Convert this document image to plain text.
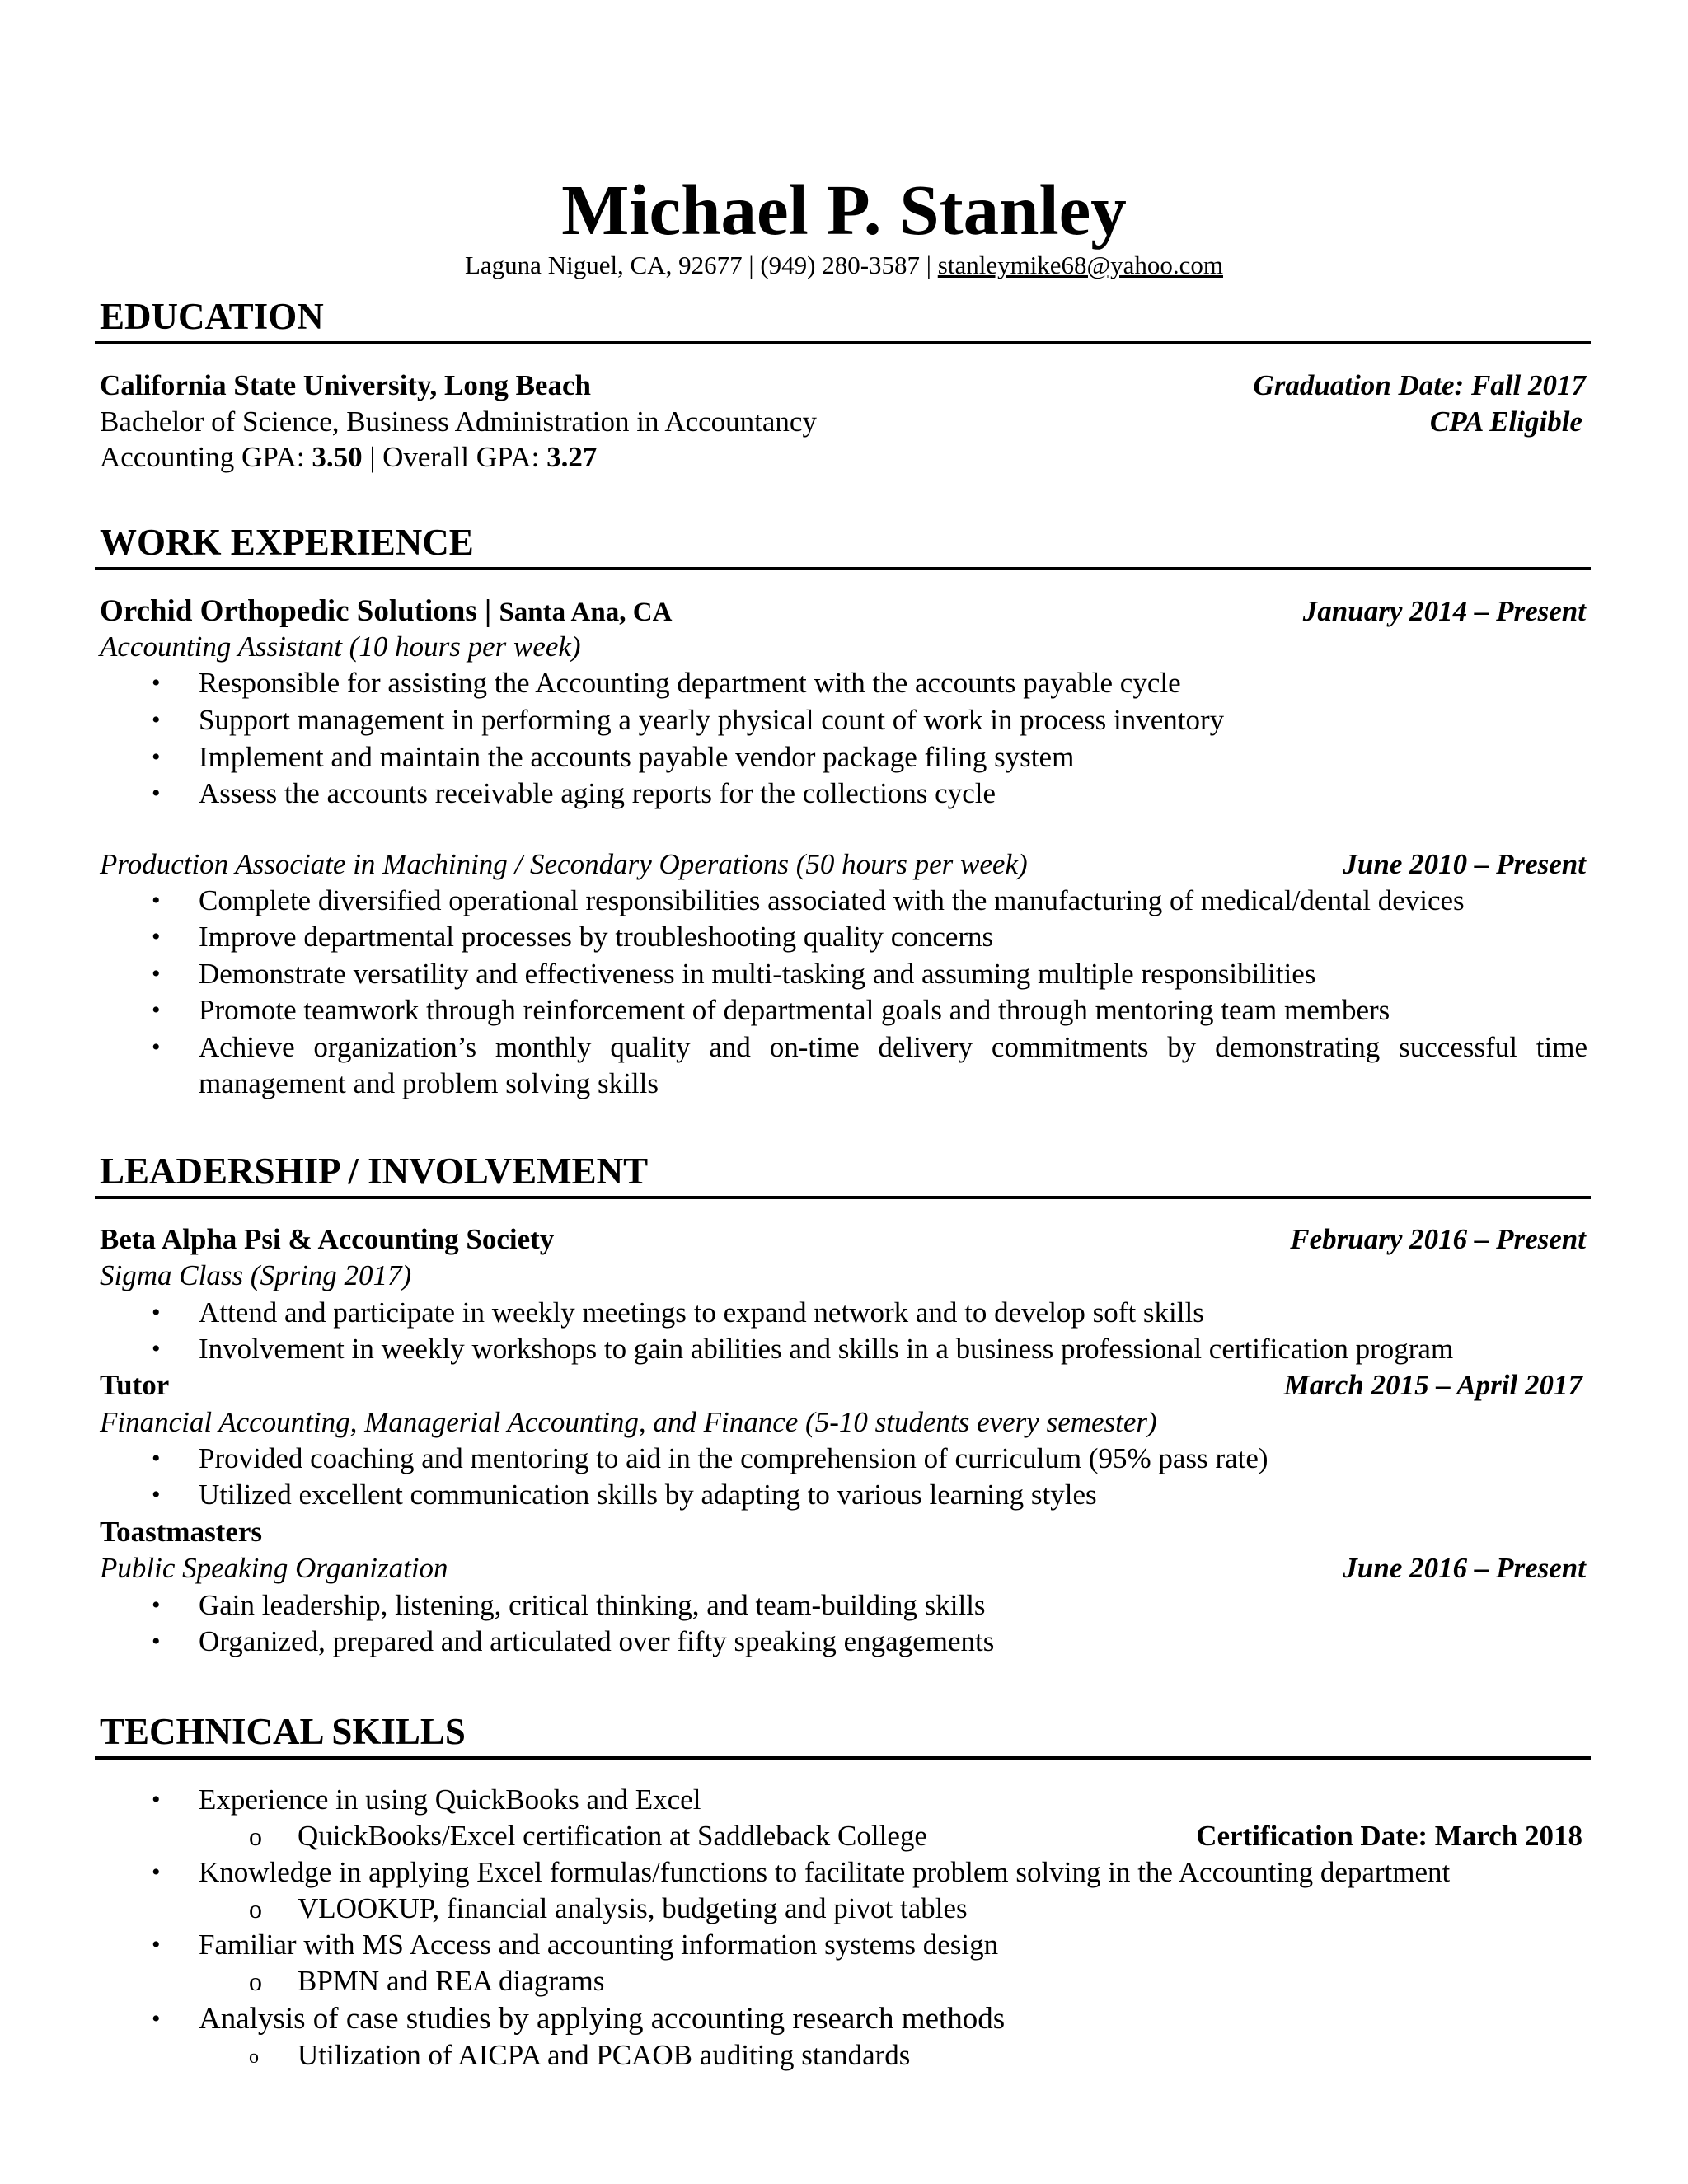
Michael P. Stanley
Laguna Niguel, CA, 92677 | (949) 280-3587 | stanleymike68@yahoo.com
EDUCATION
California State University, Long Beach	Graduation Date: Fall 2017
Bachelor of Science, Business Administration in Accountancy	CPA Eligible
Accounting GPA: 3.50 | Overall GPA: 3.27
WORK EXPERIENCE
Orchid Orthopedic Solutions | Santa Ana, CA	January 2014 – Present
Accounting Assistant (10 hours per week)
• Responsible for assisting the Accounting department with the accounts payable cycle
• Support management in performing a yearly physical count of work in process inventory
• Implement and maintain the accounts payable vendor package filing system
• Assess the accounts receivable aging reports for the collections cycle
Production Associate in Machining / Secondary Operations (50 hours per week)	June 2010 – Present
• Complete diversified operational responsibilities associated with the manufacturing of medical/dental devices
• Improve departmental processes by troubleshooting quality concerns
• Demonstrate versatility and effectiveness in multi-tasking and assuming multiple responsibilities
• Promote teamwork through reinforcement of departmental goals and through mentoring team members
• Achieve organization’s monthly quality and on-time delivery commitments by demonstrating successful time management and problem solving skills
LEADERSHIP / INVOLVEMENT
Beta Alpha Psi & Accounting Society	February 2016 – Present
Sigma Class (Spring 2017)
• Attend and participate in weekly meetings to expand network and to develop soft skills
• Involvement in weekly workshops to gain abilities and skills in a business professional certification program
Tutor	March 2015 – April 2017
Financial Accounting, Managerial Accounting, and Finance (5-10 students every semester)
• Provided coaching and mentoring to aid in the comprehension of curriculum (95% pass rate)
• Utilized excellent communication skills by adapting to various learning styles
Toastmasters
Public Speaking Organization	June 2016 – Present
• Gain leadership, listening, critical thinking, and team-building skills
• Organized, prepared and articulated over fifty speaking engagements
TECHNICAL SKILLS
• Experience in using QuickBooks and Excel
o QuickBooks/Excel certification at Saddleback College	Certification Date: March 2018
• Knowledge in applying Excel formulas/functions to facilitate problem solving in the Accounting department
o VLOOKUP, financial analysis, budgeting and pivot tables
• Familiar with MS Access and accounting information systems design
o BPMN and REA diagrams
• Analysis of case studies by applying accounting research methods
o Utilization of AICPA and PCAOB auditing standards
